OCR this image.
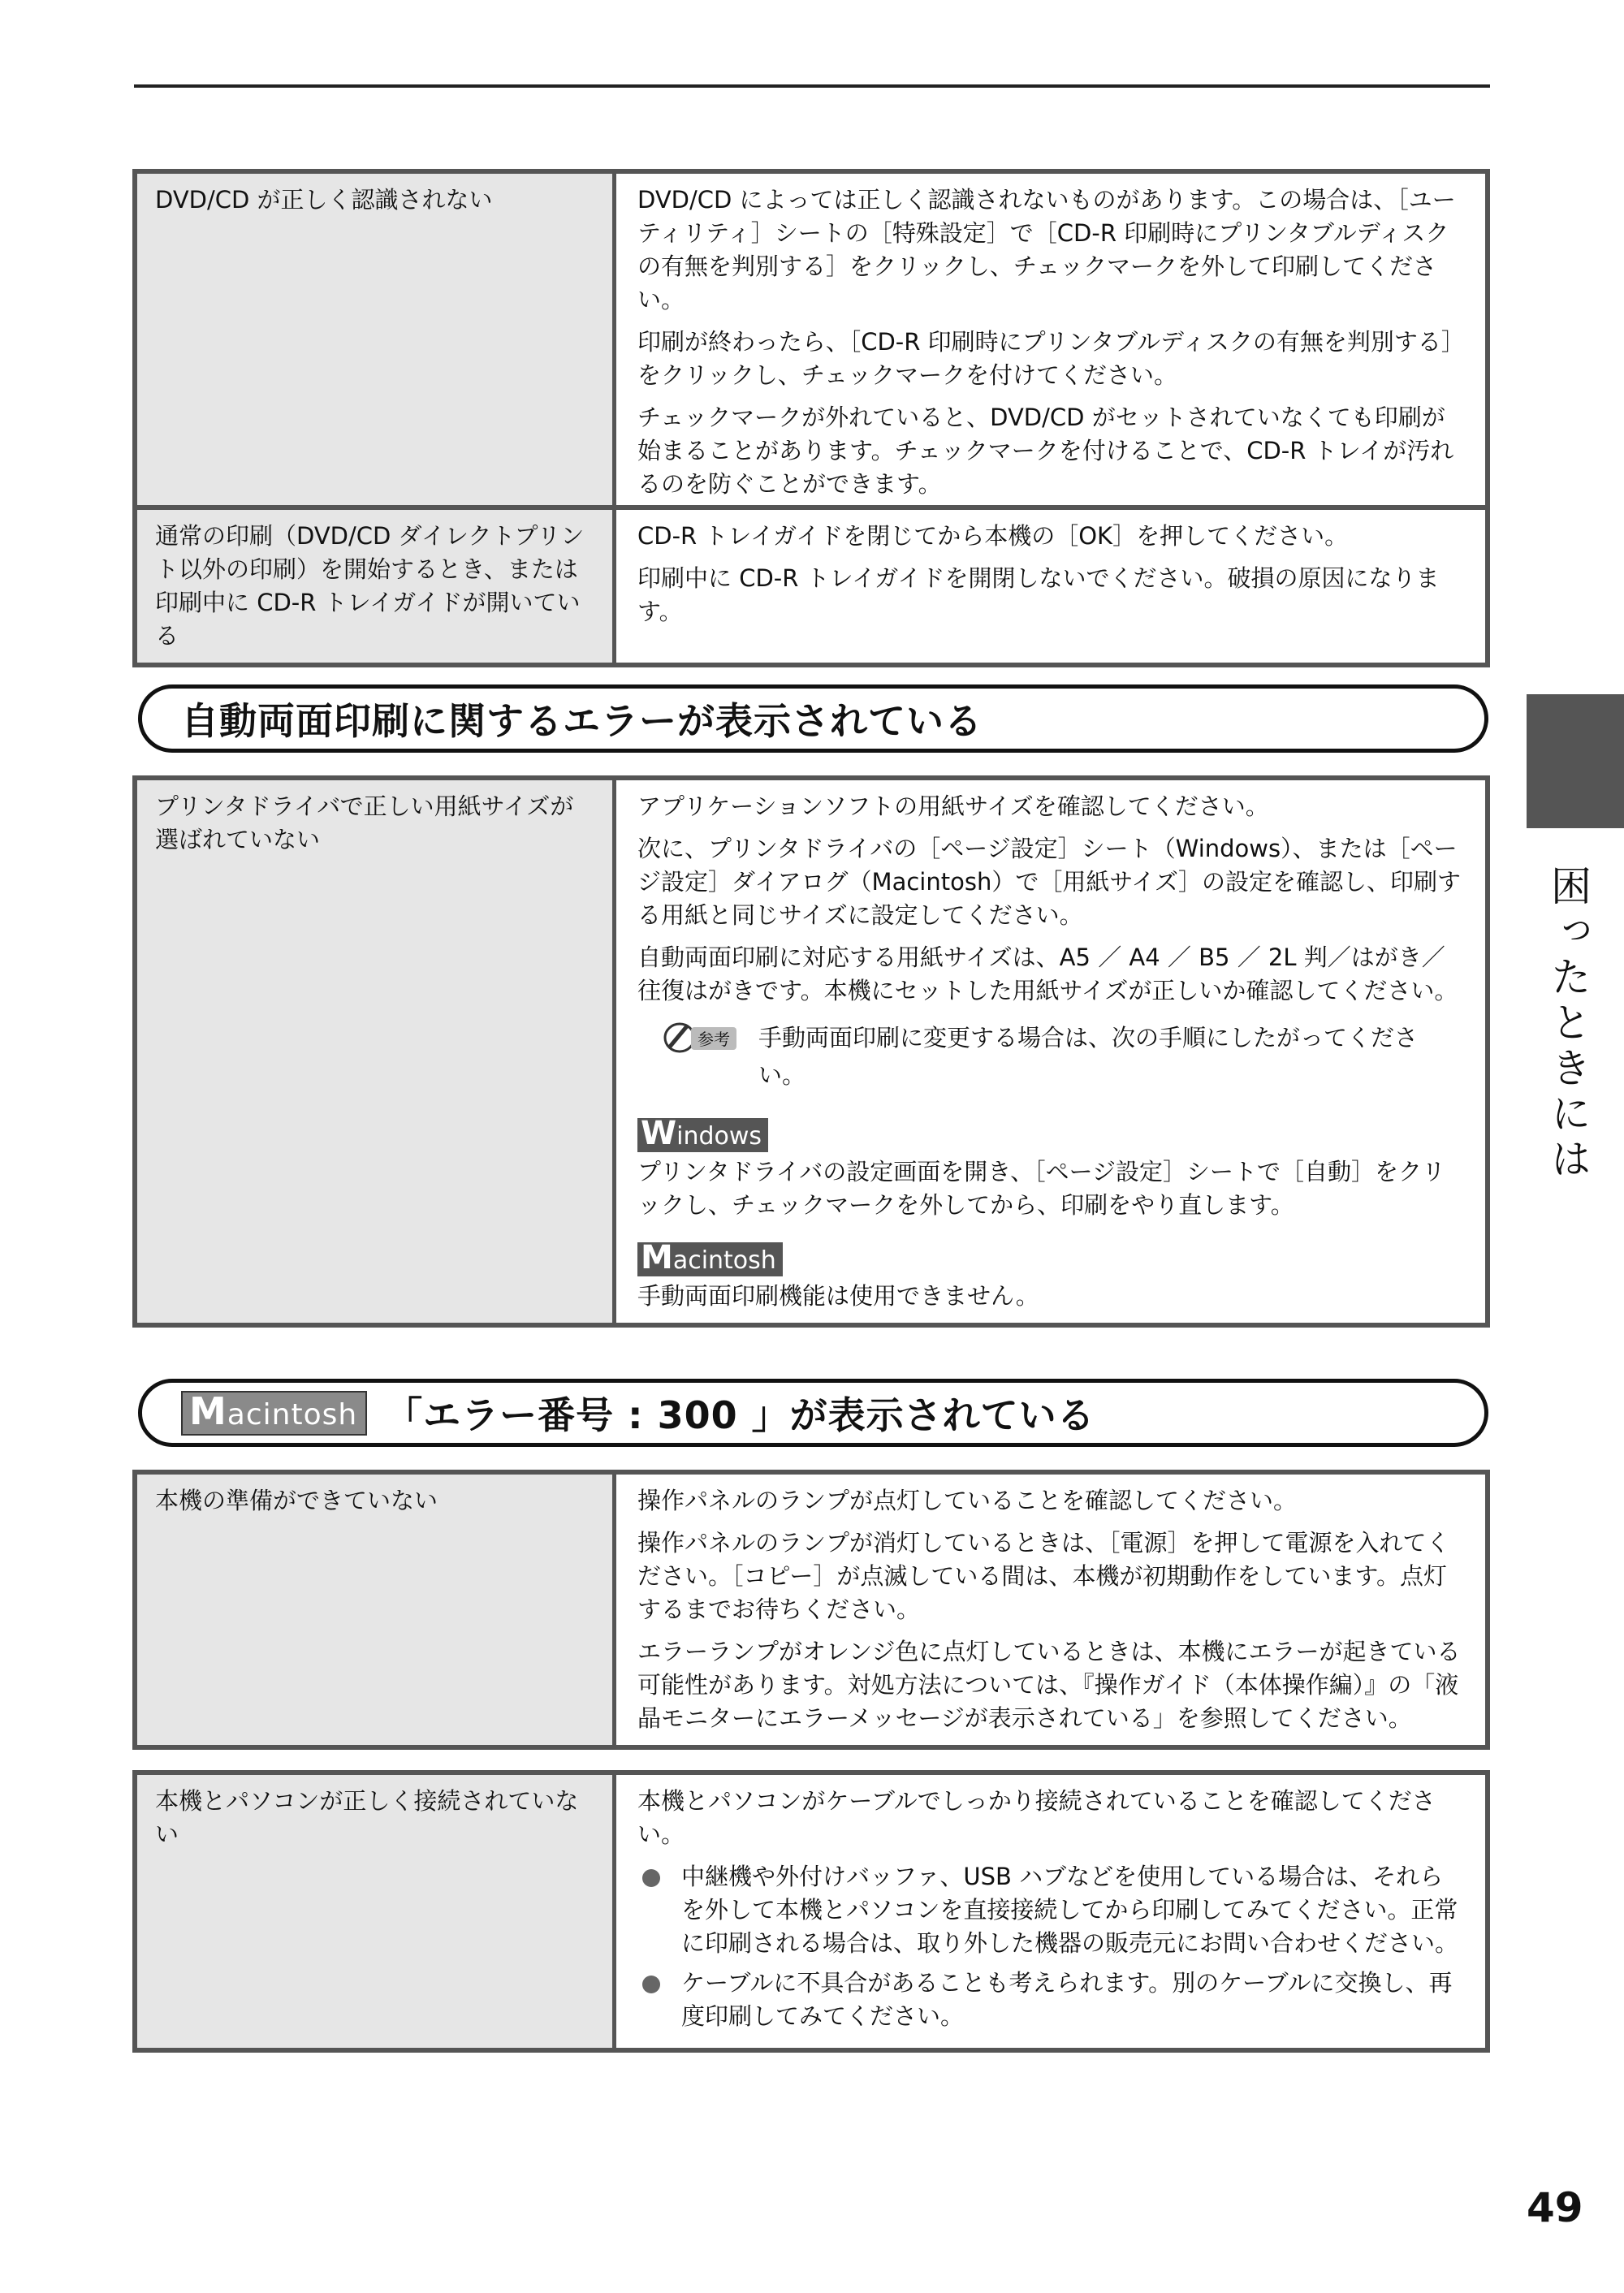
DVD/CD が正しく認識されない	DVD/CD によっては正しく認識されないものがあります。この場合は、［ユーティリティ］シートの［特殊設定］で［CD-R 印刷時にプリンタブルディスクの有無を判別する］をクリックし、チェックマークを外して印刷してください。

印刷が終わったら、［CD-R 印刷時にプリンタブルディスクの有無を判別する］をクリックし、チェックマークを付けてください。

チェックマークが外れていると、DVD/CD がセットされていなくても印刷が始まることがあります。チェックマークを付けることで、CD-R トレイが汚れるのを防ぐことができます。

通常の印刷（DVD/CD ダイレクトプリント以外の印刷）を開始するとき、または印刷中に CD-R トレイガイドが開いている

CD-R トレイガイドを閉じてから本機の［OK］を押してください。

印刷中に CD-R トレイガイドを開閉しないでください。破損の原因になります。

自動両面印刷に関するエラーが表示されている
プリンタドライバで正しい用紙サイズが選ばれていない

アプリケーションソフトの用紙サイズを確認してください。

次に、プリンタドライバの［ページ設定］シート（Windows）、または［ページ設定］ダイアログ（Macintosh）で［用紙サイズ］の設定を確認し、印刷する用紙と同じサイズに設定してください。

自動両面印刷に対応する用紙サイズは、A5 ／ A4 ／ B5 ／ 2L 判／はがき／往復はがきです。本機にセットした用紙サイズが正しいか確認してください。

参考 手動両面印刷に変更する場合は、次の手順にしたがってください。
Windows

プリンタドライバの設定画面を開き、［ページ設定］シートで［自動］をクリックし、チェックマークを外してから、印刷をやり直します。

Macintosh

手動両面印刷機能は使用できません。

Macintosh 「エラー番号 : 300 」が表示されている
本機の準備ができていない	操作パネルのランプが点灯していることを確認してください。

操作パネルのランプが消灯しているときは、［電源］を押して電源を入れてください。［コピー］が点滅している間は、本機が初期動作をしています。点灯するまでお待ちください。

エラーランプがオレンジ色に点灯しているときは、本機にエラーが起きている可能性があります。対処方法については、『操作ガイド（本体操作編）』の「液晶モニターにエラーメッセージが表示されている」を参照してください。

本機とパソコンが正しく接続されていない

本機とパソコンがケーブルでしっかり接続されていることを確認してください。

中継機や外付けバッファ、USB ハブなどを使用している場合は、それらを外して本機とパソコンを直接接続してから印刷してみてください。正常に印刷される場合は、取り外した機器の販売元にお問い合わせください。
ケーブルに不具合があることも考えられます。別のケーブルに交換し、再度印刷してみてください。
困ったときには
49
